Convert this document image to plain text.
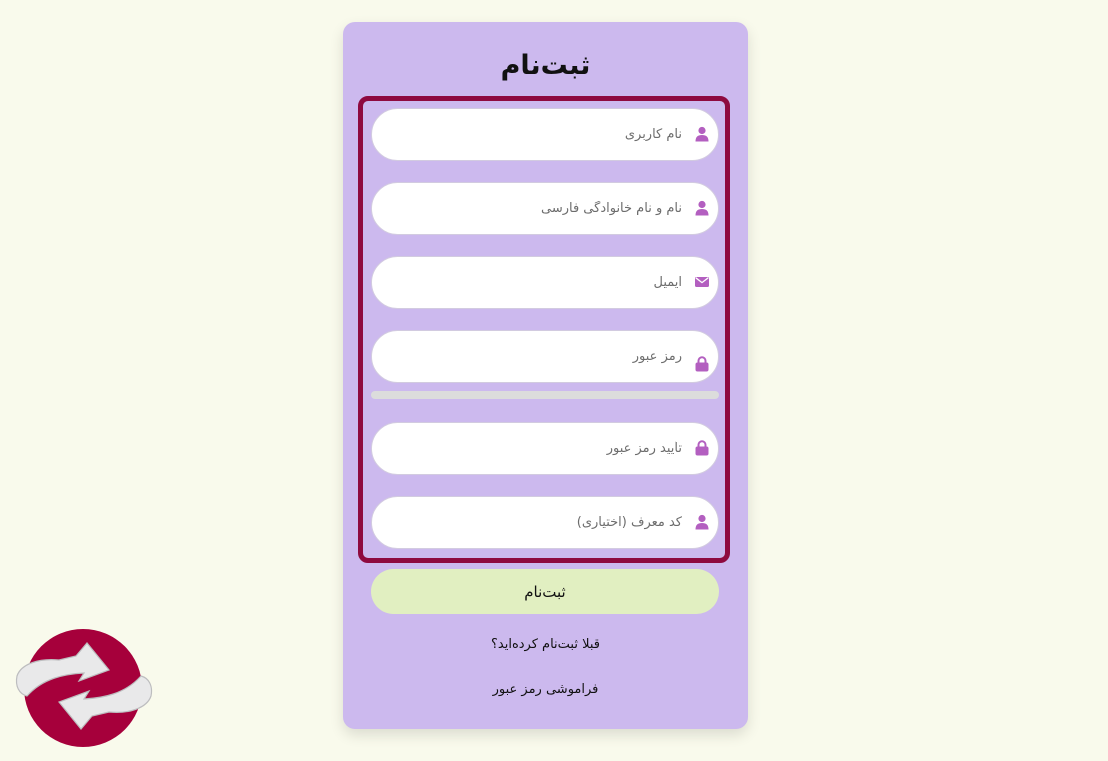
ثبت‌نام
نام کاربری
نام و نام خانوادگی فارسی
ایمیل
کد معرف (اختیاری)
ثبت‌نام
قبلا ثبت‌نام کرده‌اید؟
فراموشی رمز عبور
